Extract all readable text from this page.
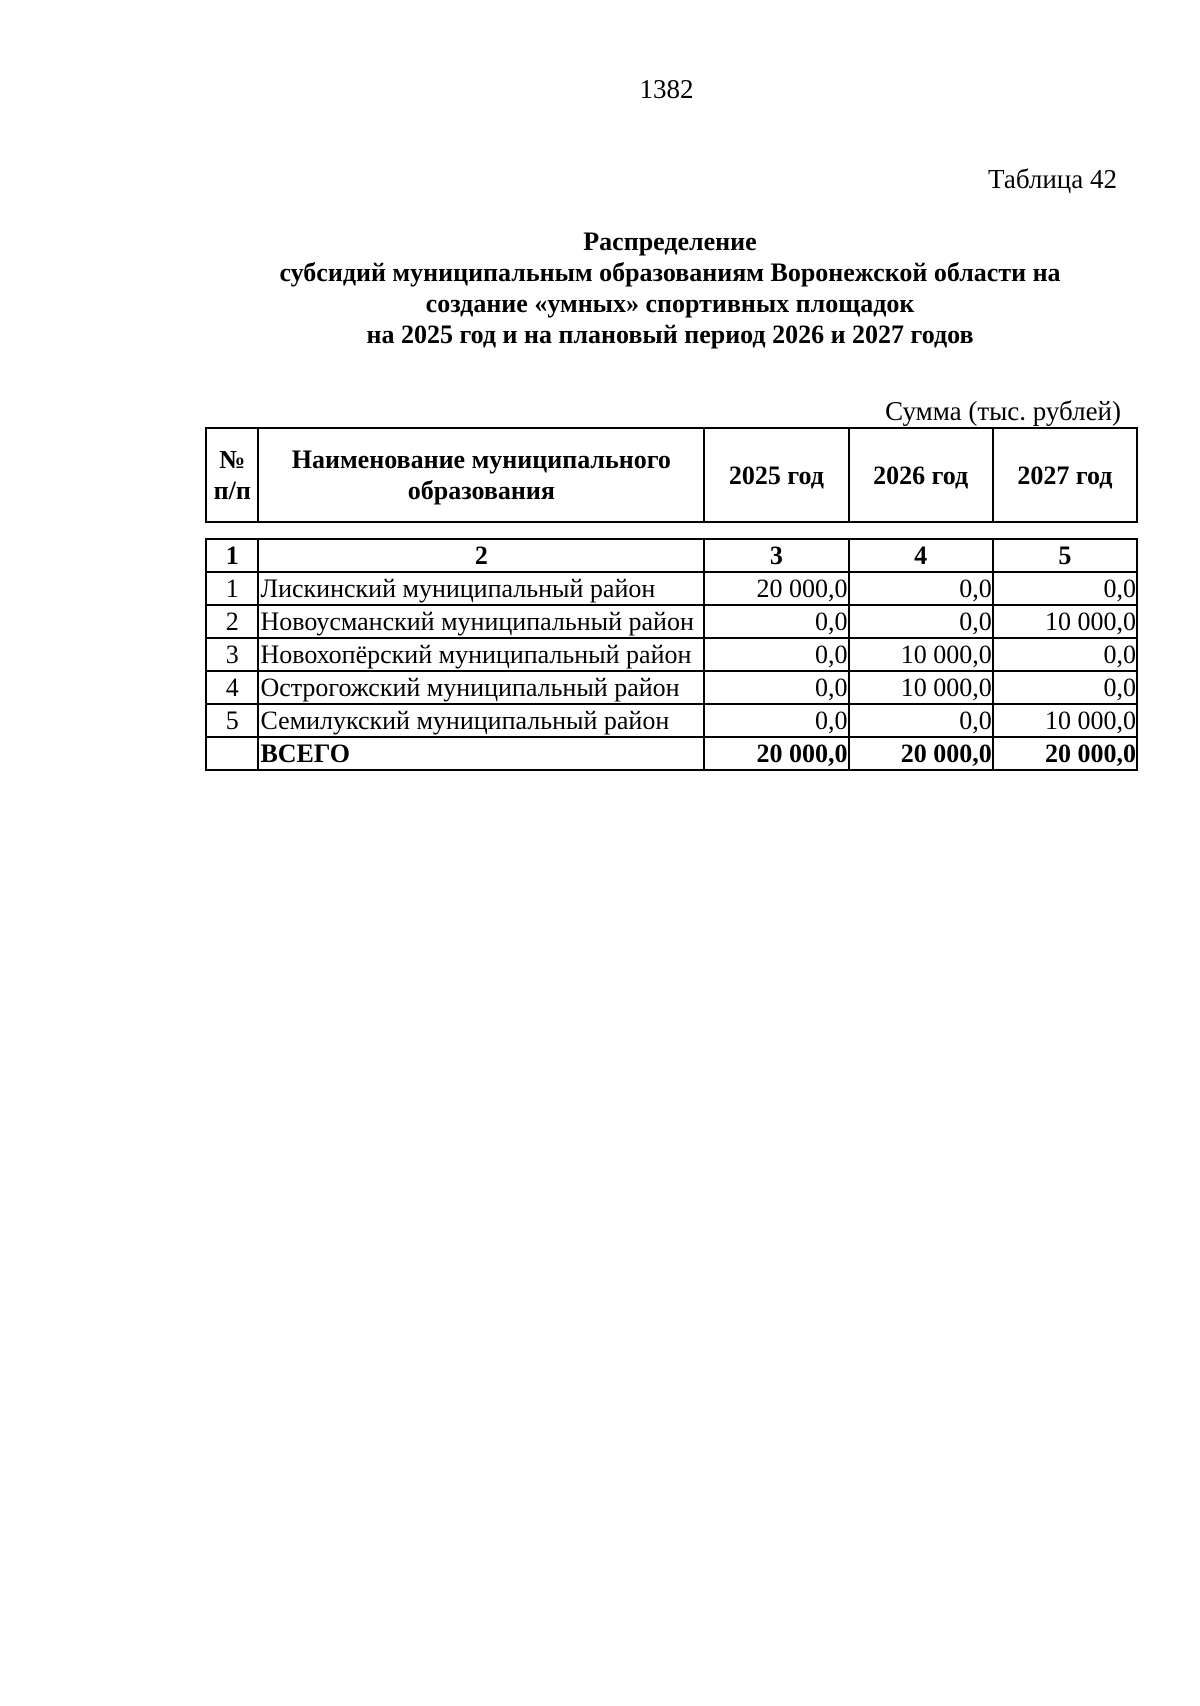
1382
Таблица 42
Распределение
субсидий муниципальным образованиям Воронежской области на
создание «умных» спортивных площадок
на 2025 год и на плановый период 2026 и 2027 годов
Сумма (тыс. рублей)
№
п/п
	Наименование муниципального образования	2025 год	2026 год	2027 год
1	2	3	4	5
1	Лискинский муниципальный район	20 000,0	0,0	0,0
2	Новоусманский муниципальный район	0,0	0,0	10 000,0
3	Новохопёрский муниципальный район	0,0	10 000,0	0,0
4	Острогожский муниципальный район	0,0	10 000,0	0,0
5	Семилукский муниципальный район	0,0	0,0	10 000,0
	ВСЕГО	20 000,0	20 000,0	20 000,0
